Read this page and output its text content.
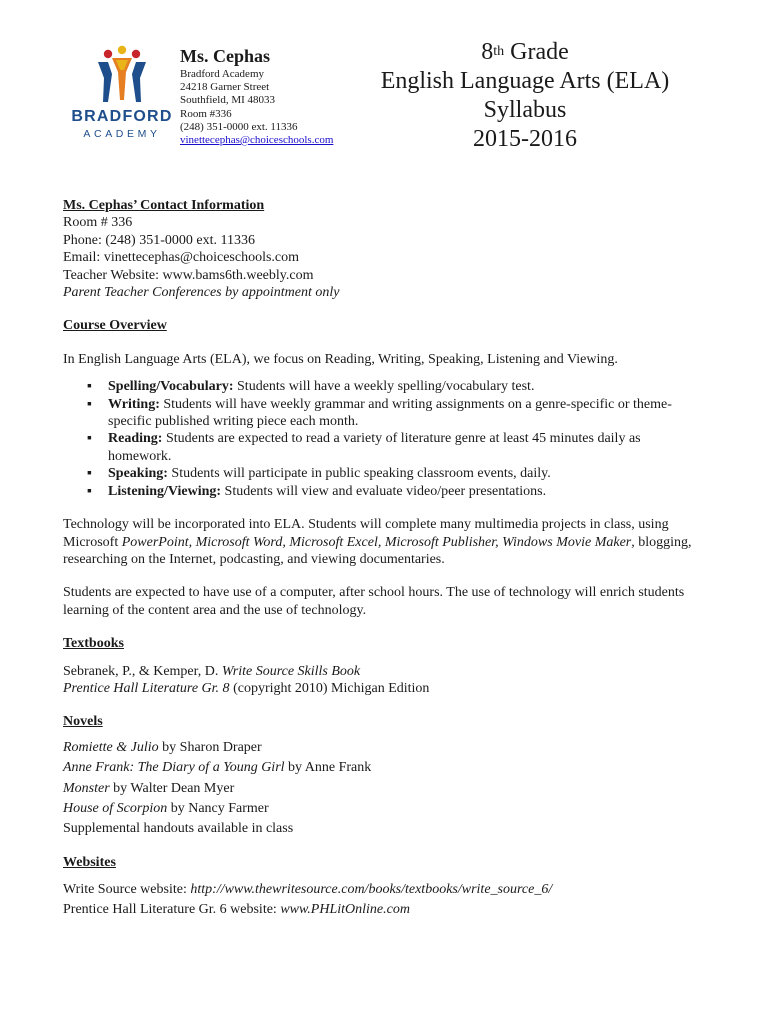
BRADFORD
ACADEMY
Ms. Cephas
Bradford Academy
24218 Garner Street
Southfield, MI 48033
Room #336
(248) 351-0000 ext. 11336
vinettecephas@choiceschools.com
8th Grade
English Language Arts (ELA)
Syllabus
2015-2016
Ms. Cephas’ Contact Information
Room # 336
Phone: (248) 351-0000 ext. 11336
Email: vinettecephas@choiceschools.com
Teacher Website: www.bams6th.weebly.com
Parent Teacher Conferences by appointment only
Course Overview
In English Language Arts (ELA), we focus on Reading, Writing, Speaking, Listening and Viewing.
▪ Spelling/Vocabulary: Students will have a weekly spelling/vocabulary test.
▪ Writing: Students will have weekly grammar and writing assignments on a genre-specific or theme-specific published writing piece each month.
▪ Reading: Students are expected to read a variety of literature genre at least 45 minutes daily as homework.
▪ Speaking: Students will participate in public speaking classroom events, daily.
▪ Listening/Viewing: Students will view and evaluate video/peer presentations.

Technology will be incorporated into ELA. Students will complete many multimedia projects in class, using Microsoft PowerPoint, Microsoft Word, Microsoft Excel, Microsoft Publisher, Windows Movie Maker, blogging, researching on the Internet, podcasting, and viewing documentaries.

Students are expected to have use of a computer, after school hours. The use of technology will enrich students learning of the content area and the use of technology.

Textbooks
Sebranek, P., & Kemper, D. Write Source Skills Book
Prentice Hall Literature Gr. 8 (copyright 2010) Michigan Edition
Novels
Romiette & Julio by Sharon Draper
Anne Frank: The Diary of a Young Girl by Anne Frank
Monster by Walter Dean Myer
House of Scorpion by Nancy Farmer
Supplemental handouts available in class
Websites
Write Source website: http://www.thewritesource.com/books/textbooks/write_source_6/
Prentice Hall Literature Gr. 6 website: www.PHLitOnline.com
